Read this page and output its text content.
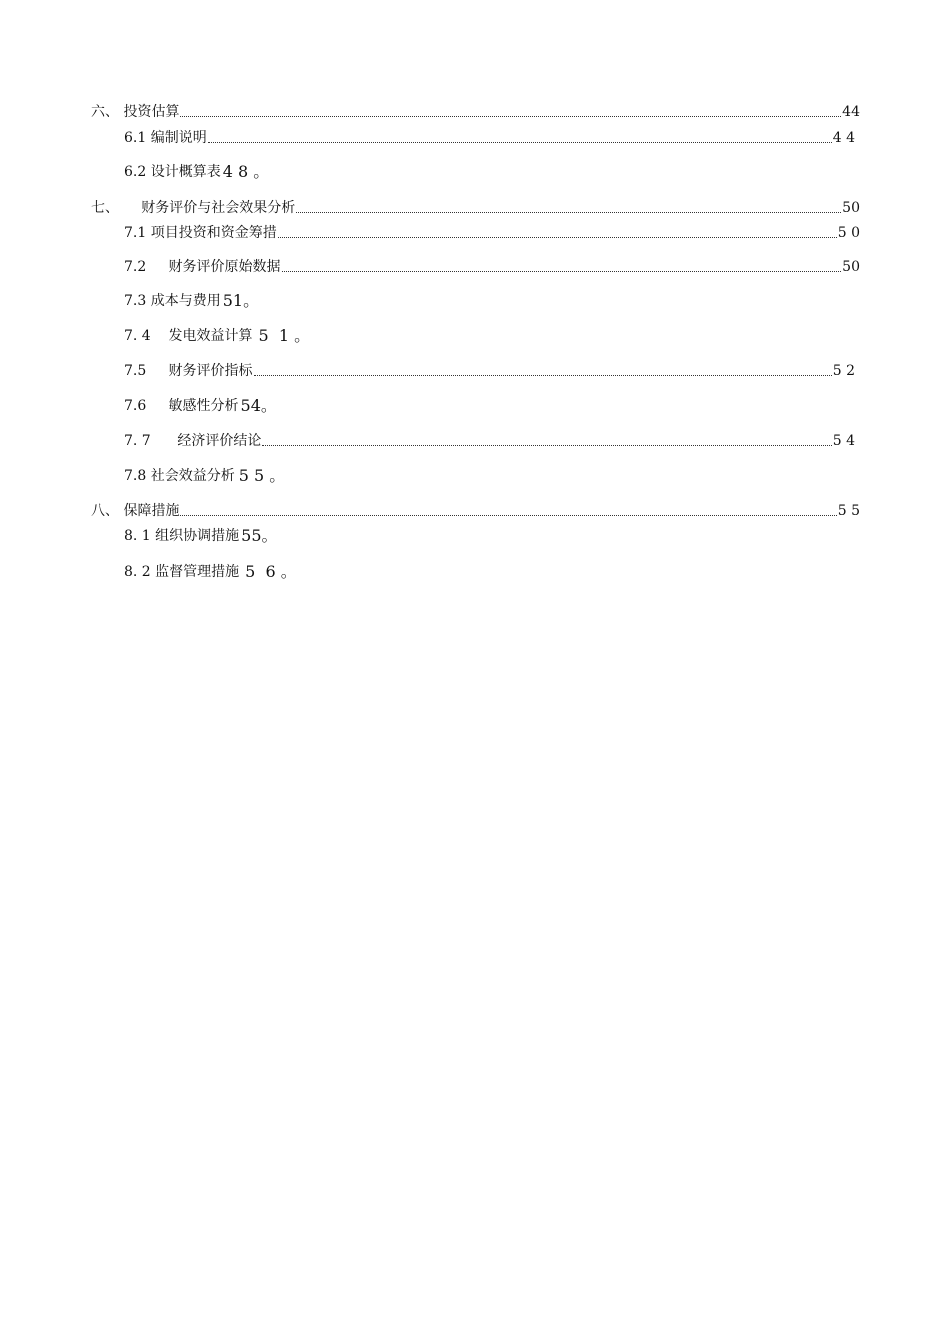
六、 投资估算	44
6.1 编制说明	4 4
6.2 设计概算表 4 8 。
七、     财务评价与社会效果分析	50
7.1 项目投资和资金筹措	5 0
7.2     财务评价原始数据	50
7.3 成本与费用 51。
7. 4    发电效益计算 5  1 。
7.5     财务评价指标	5 2
7.6     敏感性分析 54。
7. 7      经济评价结论	5 4
7.8 社会效益分析 5 5 。
八、 保障措施	5 5
8. 1 组织协调措施 55。
8. 2 监督管理措施 5  6 。
